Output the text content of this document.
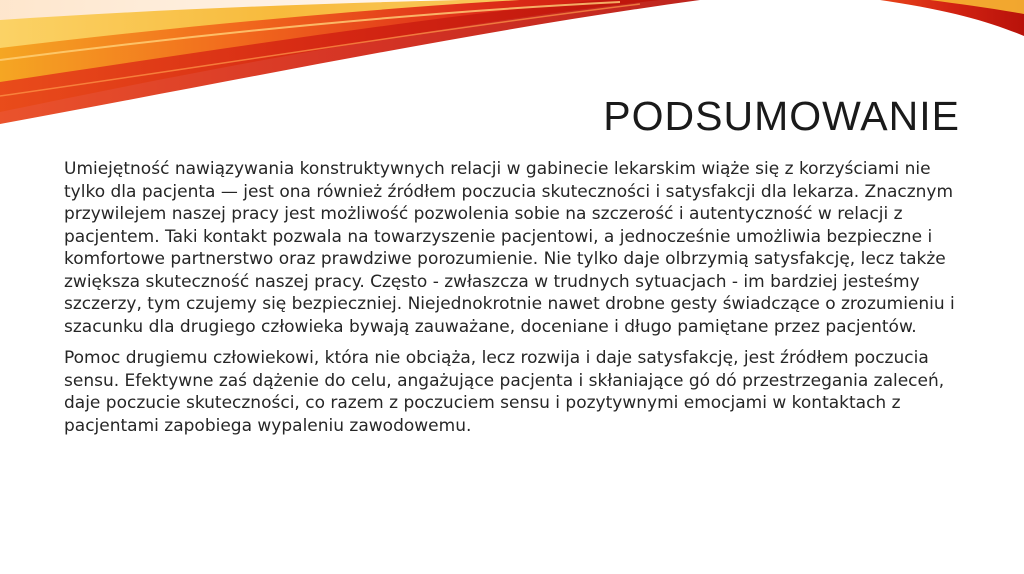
PODSUMOWANIE

Umiejętność nawiązywania konstruktywnych relacji w gabinecie lekarskim wiąże się z korzyściami nie tylko dla pacjenta — jest ona również źródłem poczucia skuteczności i satysfakcji dla lekarza. Znacznym przywilejem naszej pracy jest możliwość pozwolenia sobie na szczerość i autentyczność w relacji z pacjentem. Taki kontakt pozwala na towarzyszenie pacjentowi, a jednocześnie umożliwia bezpieczne i komfortowe partnerstwo oraz prawdziwe porozumienie. Nie tylko daje olbrzymią satysfakcję, lecz także zwiększa skuteczność naszej pracy. Często - zwłaszcza w trudnych sytuacjach - im bardziej jesteśmy szczerzy, tym czujemy się bezpieczniej. Niejednokrotnie nawet drobne gesty świadczące o zrozumieniu i szacunku dla drugiego człowieka bywają zauważane, doceniane i długo pamiętane przez pacjentów.

Pomoc drugiemu człowiekowi, która nie obciąża, lecz rozwija i daje satysfakcję, jest źródłem poczucia sensu. Efektywne zaś dążenie do celu, angażujące pacjenta i skłaniające gó dó przestrzegania zaleceń, daje poczucie skuteczności, co razem z poczuciem sensu i pozytywnymi emocjami w kontaktach z pacjentami zapobiega wypaleniu zawodowemu.
